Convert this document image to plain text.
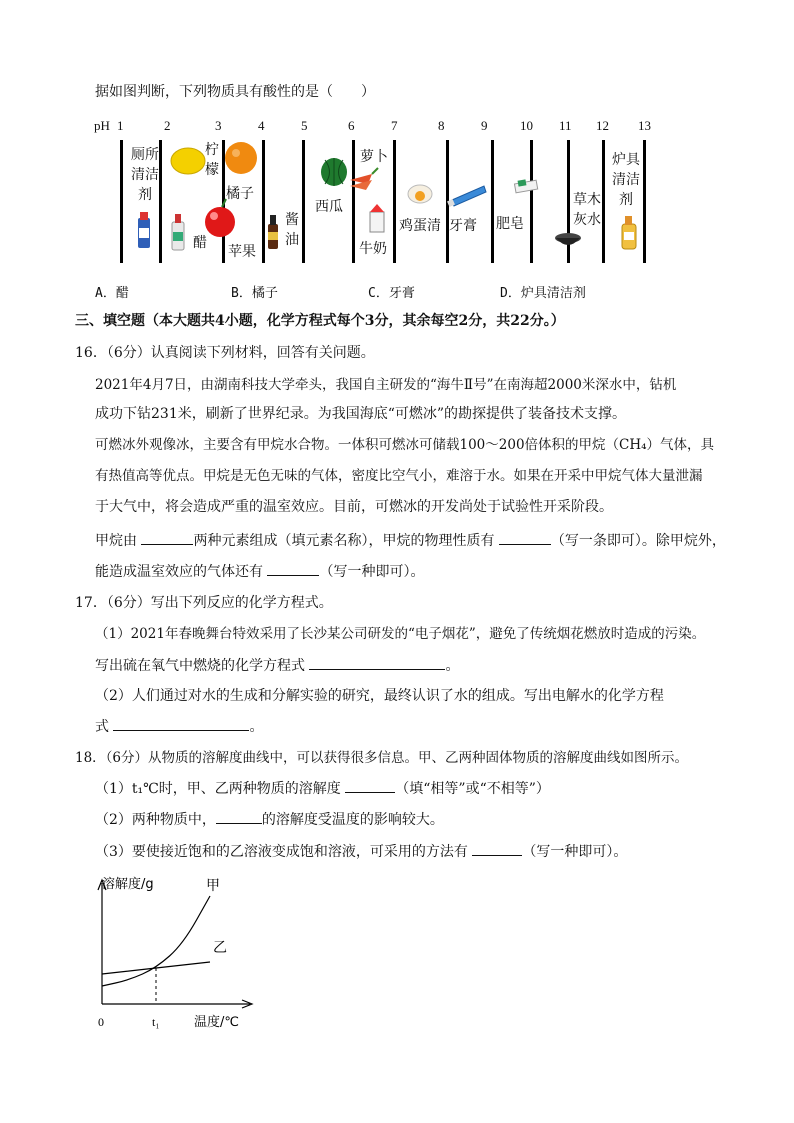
据如图判断，下列物质具有酸性的是（　　）
pH 1	2	3	4	5	6	7	8	9	10 11 12 13
厕所清洁剂
柠檬
橘子
醋
苹果
酱油
西瓜
萝卜
牛奶
鸡蛋清 牙膏 肥皂
草木灰水
炉具清洁剂
A．醋	B．橘子	C．牙膏	D．炉具清洁剂
三、填空题（本大题共4小题，化学方程式每个3分，其余每空2分，共22分。）
16．（6分）认真阅读下列材料，回答有关问题。
2021年4月7日，由湖南科技大学牵头，我国自主研发的“海牛Ⅱ号”在南海超2000米深水中，钻机
成功下钻231米，刷新了世界纪录。为我国海底“可燃冰”的勘探提供了装备技术支撑。
可燃冰外观像冰，主要含有甲烷水合物。一体积可燃冰可储载100～200倍体积的甲烷（CH₄）气体，具
有热值高等优点。甲烷是无色无味的气体，密度比空气小，难溶于水。如果在开采中甲烷气体大量泄漏
于大气中，将会造成严重的温室效应。目前，可燃冰的开发尚处于试验性开采阶段。
甲烷由	两种元素组成（填元素名称），甲烷的物理性质有	（写一条即可）。除甲烷外，
能造成温室效应的气体还有	（写一种即可）。
17．（6分）写出下列反应的化学方程式。
（1）2021年春晚舞台特效采用了长沙某公司研发的“电子烟花”，避免了传统烟花燃放时造成的污染。
写出硫在氧气中燃烧的化学方程式	。
（2）人们通过对水的生成和分解实验的研究，最终认识了水的组成。写出电解水的化学方程
式	。
18．（6分）从物质的溶解度曲线中，可以获得很多信息。甲、乙两种固体物质的溶解度曲线如图所示。
（1）t₁℃时，甲、乙两种物质的溶解度	（填“相等”或“不相等”）
（2）两种物质中，	的溶解度受温度的影响较大。
（3）要使接近饱和的乙溶液变成饱和溶液，可采用的方法有	（写一种即可）。
溶解度/g
0	t₁	温度/℃
甲
乙
